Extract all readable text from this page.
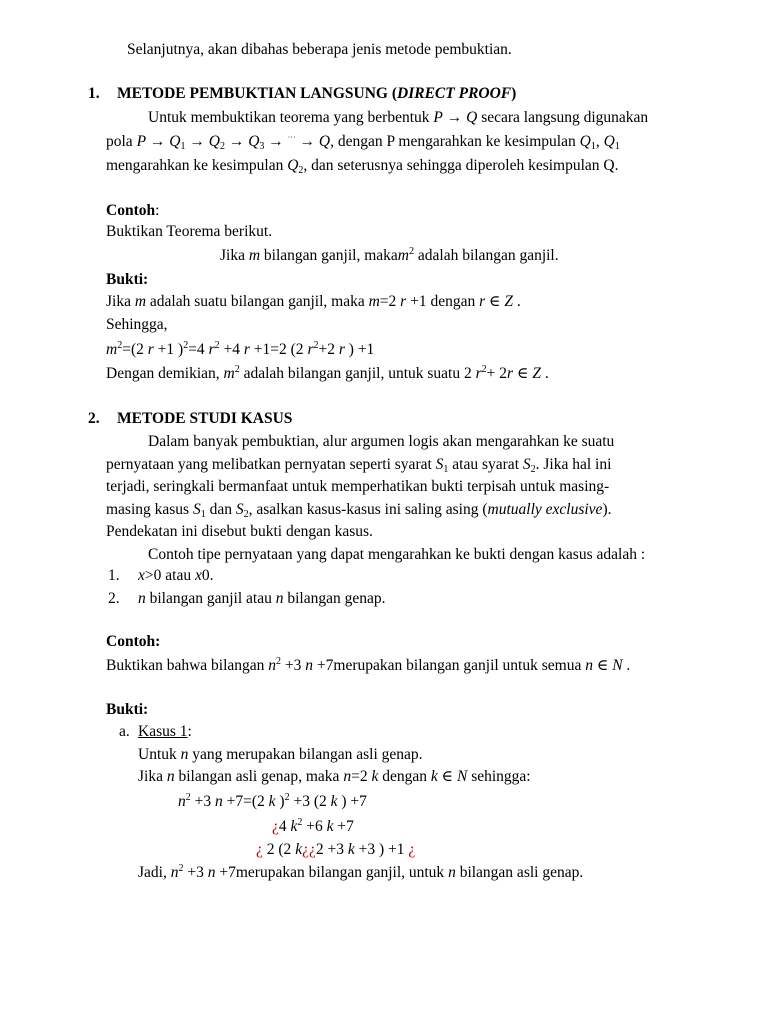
Selanjutnya, akan dibahas beberapa jenis metode pembuktian.
1. METODE PEMBUKTIAN LANGSUNG (DIRECT PROOF)
Untuk membuktikan teorema yang berbentuk P → Q secara langsung digunakan
pola $P \to Q_1 \to Q_2 \to Q_3 \to ^{\cdot\cdot\cdot} \to Q$, dengan P mengarahkan ke kesimpulan $Q_1$, $Q_1$
mengarahkan ke kesimpulan $Q_2$, dan seterusnya sehingga diperoleh kesimpulan Q.
Contoh:
Buktikan Teorema berikut.
Jika m bilangan ganjil, makam$^2$ adalah bilangan ganjil.
Bukti:
Jika m adalah suatu bilangan ganjil, maka m=2 r +1 dengan r ∈ Z .
Sehingga,
$m^2=(2$ r +1 )$^2$=4 $r^2 +4$ r +1=2 (2 $r^2+2$ r ) +1
Dengan demikian, $m^2$ adalah bilangan ganjil, untuk suatu 2 $r^2+ 2r$ ∈ Z .
2. METODE STUDI KASUS
Dalam banyak pembuktian, alur argumen logis akan mengarahkan ke suatu
pernyataan yang melibatkan pernyatan seperti syarat $S_1$ atau syarat $S_2$. Jika hal ini
terjadi, seringkali bermanfaat untuk memperhatikan bukti terpisah untuk masing-
masing kasus $S_1$ dan $S_2$, asalkan kasus-kasus ini saling asing (mutually exclusive).
Pendekatan ini disebut bukti dengan kasus.
Contoh tipe pernyataan yang dapat mengarahkan ke bukti dengan kasus adalah :
1. x>0 atau x0.
2. n bilangan ganjil atau n bilangan genap.
Contoh:
Buktikan bahwa bilangan $n^2 +3$ n +7merupakan bilangan ganjil untuk semua n ∈ N .
Bukti:
a. Kasus 1:
Untuk n yang merupakan bilangan asli genap.
Jika n bilangan asli genap, maka n=2 k dengan k ∈ N sehingga:
$n^2 +3$ n +7=(2 k )$^2$ +3 (2 k ) +7
¿4 $k^2 +6$ k +7
¿ 2 (2 k¿¿2 +3 k +3 ) +1 ¿
Jadi, $n^2 +3$ n +7merupakan bilangan ganjil, untuk n bilangan asli genap.
